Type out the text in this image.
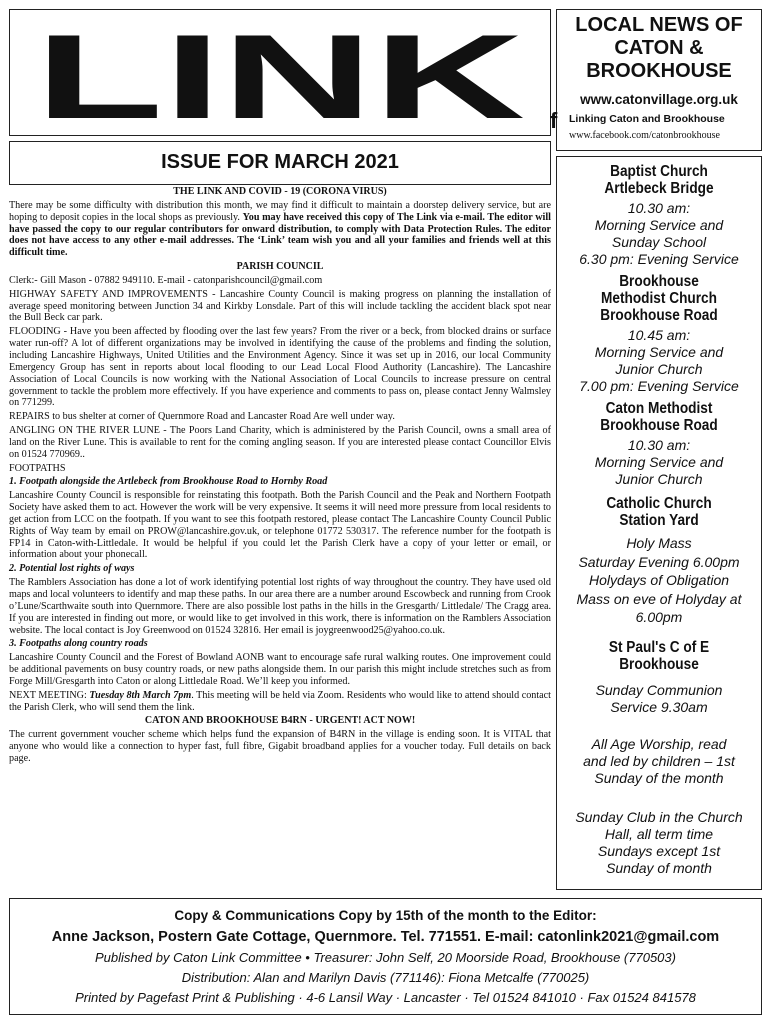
LINK	LOCAL NEWS OF
CATON &
BROOKHOUSE
www.catonvillage.org.uk
f Linking Caton and Brookhouse
www.facebook.com/catonbrookhouse
ISSUE FOR MARCH 2021

THE LINK AND COVID - 19 (CORONA VIRUS)

There may be some difficulty with distribution this month, we may find it difficult to maintain a doorstep delivery service, but are hoping to deposit copies in the local shops as previously. You may have received this copy of The Link via e-mail. The editor will have passed the copy to our regular contributors for onward distribution, to comply with Data Protection Rules. The editor does not have access to any other e-mail addresses. The ‘Link’ team wish you and all your families and friends well at this difficult time.

PARISH COUNCIL

Clerk:- Gill Mason - 07882 949110. E-mail - catonparishcouncil@gmail.com

HIGHWAY SAFETY AND IMPROVEMENTS - Lancashire County Council is making progress on planning the installation of average speed monitoring between Junction 34 and Kirkby Lonsdale. Part of this will include tackling the accident black spot near the Bull Beck car park.

FLOODING - Have you been affected by flooding over the last few years? From the river or a beck, from blocked drains or surface water run-off? A lot of different organizations may be involved in identifying the cause of the problems and finding the solution, including Lancashire Highways, United Utilities and the Environment Agency. Since it was set up in 2016, our local Community Emergency Group has sent in reports about local flooding to our Lead Local Flood Authority (Lancashire). The Lancashire Association of Local Councils is now working with the National Association of Local Councils to increase pressure on central government to tackle the problem more effectively. If you have experience and comments to pass on, please contact Jenny Walmsley on 771299.

REPAIRS to bus shelter at corner of Quernmore Road and Lancaster Road Are well under way.

ANGLING ON THE RIVER LUNE - The Poors Land Charity, which is administered by the Parish Council, owns a small area of land on the River Lune. This is available to rent for the coming angling season. If you are interested please contact Councillor Elvis on 01524 770969..

FOOTPATHS

1. Footpath alongside the Artlebeck from Brookhouse Road to Hornby Road

Lancashire County Council is responsible for reinstating this footpath. Both the Parish Council and the Peak and Northern Footpath Society have asked them to act. However the work will be very expensive. It seems it will need more pressure from local residents to get action from LCC on the footpath. If you want to see this footpath restored, please contact The Lancashire County Council Public Rights of Way team by email on PROW@lancashire.gov.uk, or telephone 01772 530317. The reference number for the footpath is FP14 in Caton-with-Littledale. It would be helpful if you could let the Parish Clerk have a copy of your letter or email, or information about your phonecall.

2. Potential lost rights of ways

The Ramblers Association has done a lot of work identifying potential lost rights of way throughout the country. They have used old maps and local volunteers to identify and map these paths. In our area there are a number around Escowbeck and running from Crook o’Lune/Scarthwaite south into Quernmore. There are also possible lost paths in the hills in the Gresgarth/ Littledale/ The Cragg area. If you are interested in finding out more, or would like to get involved in this work, there is information on the Ramblers Association website. The local contact is Joy Greenwood on 01524 32816. Her email is joygreenwood25@yahoo.co.uk.

3. Footpaths along country roads

Lancashire County Council and the Forest of Bowland AONB want to encourage safe rural walking routes. One improvement could be additional pavements on busy country roads, or new paths alongside them. In our parish this might include stretches such as from Forge Mill/Gresgarth into Caton or along Littledale Road. We’ll keep you informed.

NEXT MEETING: Tuesday 8th March 7pm. This meeting will be held via Zoom. Residents who would like to attend should contact the Parish Clerk, who will send them the link.

CATON AND BROOKHOUSE B4RN - URGENT! ACT NOW!

The current government voucher scheme which helps fund the expansion of B4RN in the village is ending soon. It is VITAL that anyone who would like a connection to hyper fast, full fibre, Gigabit broadband applies for a voucher today. Full details on back page.

Baptist Church
Artlebeck Bridge
10.30 am:
Morning Service and
Sunday School
6.30 pm: Evening Service
Brookhouse
Methodist Church
Brookhouse Road
10.45 am:
Morning Service and
Junior Church
7.00 pm: Evening Service
Caton Methodist
Brookhouse Road
10.30 am:
Morning Service and
Junior Church
Catholic Church
Station Yard
Holy Mass
Saturday Evening 6.00pm
Holydays of Obligation
Mass on eve of Holyday at
6.00pm
St Paul's C of E
Brookhouse
Sunday Communion
Service 9.30am
All Age Worship, read
and led by children – 1st
Sunday of the month
Sunday Club in the Church
Hall, all term time
Sundays except 1st
Sunday of month
Copy & Communications Copy by 15th of the month to the Editor:
Anne Jackson, Postern Gate Cottage, Quernmore. Tel. 771551. E-mail: catonlink2021@gmail.com
Published by Caton Link Committee • Treasurer: John Self, 20 Moorside Road, Brookhouse (770503)
Distribution: Alan and Marilyn Davis (771146): Fiona Metcalfe (770025)
Printed by Pagefast Print & Publishing · 4-6 Lansil Way · Lancaster · Tel 01524 841010 · Fax 01524 841578
